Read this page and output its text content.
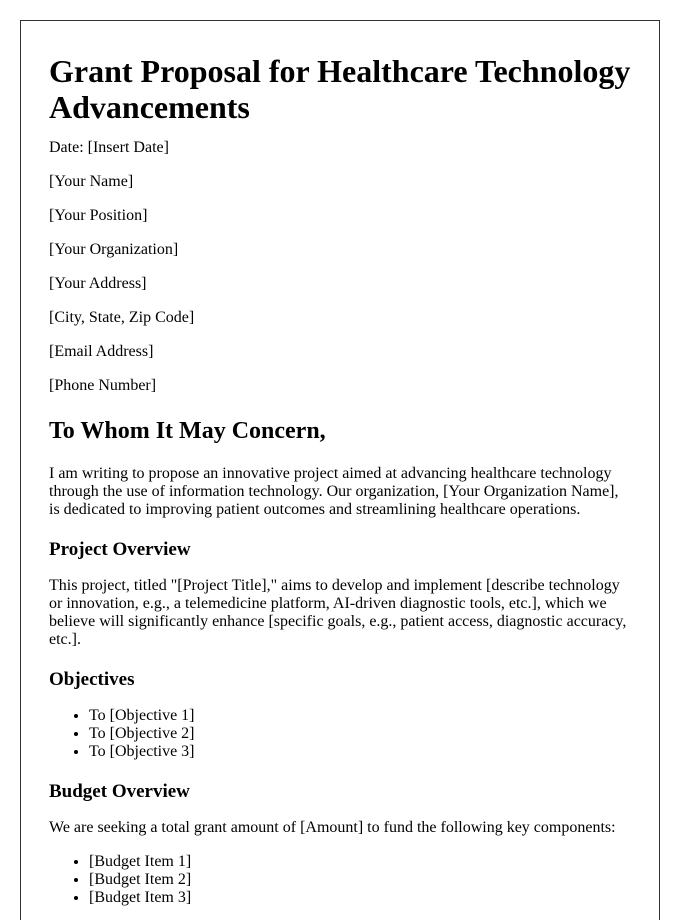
Grant Proposal for Healthcare Technology Advancements

Date: [Insert Date]

[Your Name]

[Your Position]

[Your Organization]

[Your Address]

[City, State, Zip Code]

[Email Address]

[Phone Number]

To Whom It May Concern,

I am writing to propose an innovative project aimed at advancing healthcare technology through the use of information technology. Our organization, [Your Organization Name], is dedicated to improving patient outcomes and streamlining healthcare operations.

Project Overview

This project, titled "[Project Title]," aims to develop and implement [describe technology or innovation, e.g., a telemedicine platform, AI-driven diagnostic tools, etc.], which we believe will significantly enhance [specific goals, e.g., patient access, diagnostic accuracy, etc.].

Objectives
• To [Objective 1]
• To [Objective 2]
• To [Objective 3]
Budget Overview

We are seeking a total grant amount of [Amount] to fund the following key components:

• [Budget Item 1]
• [Budget Item 2]
• [Budget Item 3]
